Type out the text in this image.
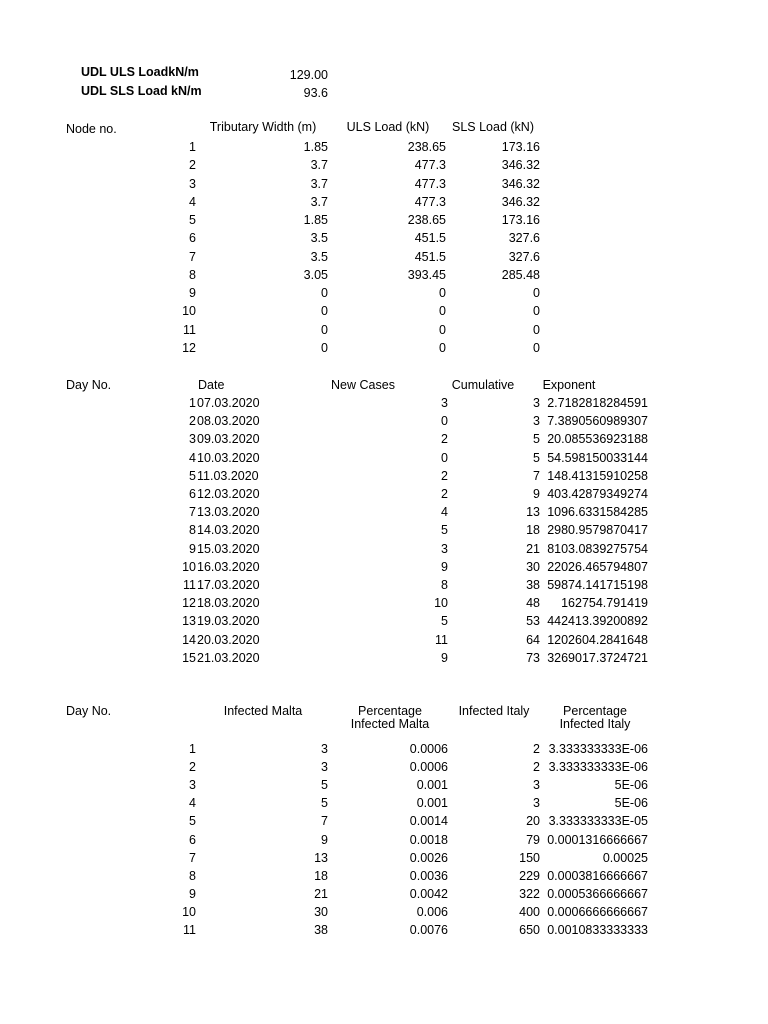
UDL ULS LoadkN/m	129.00
UDL SLS Load kN/m	93.6
Node no.	Tributary Width (m)	ULS Load (kN)	SLS Load (kN)
1	1.85	238.65	173.16
2	3.7	477.3	346.32
3	3.7	477.3	346.32
4	3.7	477.3	346.32
5	1.85	238.65	173.16
6	3.5	451.5	327.6
7	3.5	451.5	327.6
8	3.05	393.45	285.48
9	0	0	0
10	0	0	0
11	0	0	0
12	0	0	0
Day No.	Date	New Cases	Cumulative	Exponent
1 07.03.2020	3	3 2.7182818284591
2 08.03.2020	0	3 7.3890560989307
3 09.03.2020	2	5 20.085536923188
4 10.03.2020	0	5 54.598150033144
5 11.03.2020	2	7 148.41315910258
6 12.03.2020	2	9 403.42879349274
7 13.03.2020	4	13 1096.6331584285
8 14.03.2020	5	18 2980.9579870417
9 15.03.2020	3	21 8103.0839275754
10 16.03.2020	9	30 22026.465794807
11 17.03.2020	8	38 59874.141715198
12 18.03.2020	10	48	162754.791419
13 19.03.2020	5	53 442413.39200892
14 20.03.2020	11	64 1202604.2841648
15 21.03.2020	9	73 3269017.3724721
Day No.	Infected Malta	Percentage
Infected Malta
Infected Italy	Percentage
Infected Italy
1	3	0.0006	2 3.333333333E-06
2	3	0.0006	2 3.333333333E-06
3	5	0.001	3	5E-06
4	5	0.001	3	5E-06
5	7	0.0014	20 3.333333333E-05
6	9	0.0018	79 0.0001316666667
7	13	0.0026	150	0.00025
8	18	0.0036	229 0.0003816666667
9	21	0.0042	322 0.0005366666667
10	30	0.006	400 0.0006666666667
11	38	0.0076	650 0.0010833333333
